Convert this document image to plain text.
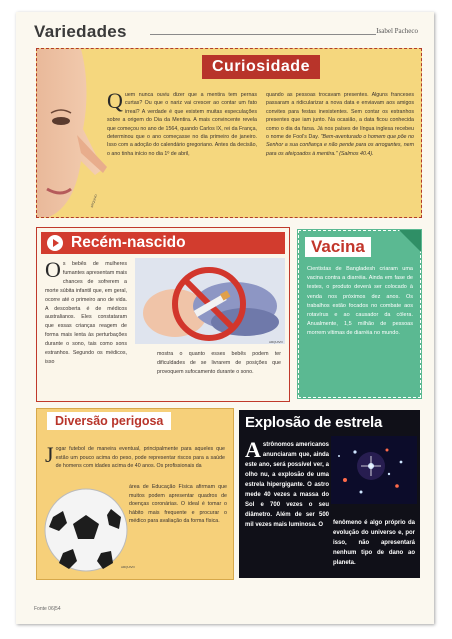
Variedades	Isabel Pacheco
Curiosidade
Quem nunca ouviu dizer que a mentira tem pernas curtas? Ou que o nariz vai crescer ao contar um fato irreal? A verdade é que existem muitas especulações sobre a origem do Dia da Mentira. A mais convincente revela que começou no ano de 1564, quando Carlos IX, rei da França, determinou que o ano começasse no dia primeiro de janeiro. Isso com a adoção do calendário gregoriano. Antes da decisão, o ano tinha início no dia 1º de abril,
quando as pessoas trocavam presentes. Alguns franceses passaram a ridicularizar a nova data e enviavam aos amigos convites para festas inexistentes. Sem contar os estranhos presentes que iam junto. Na ocasião, a data ficou conhecida como o dia da farsa. Já nos países de língua inglesa recebeu o nome de Fool's Day. "Bem-aventurado o homem que põe no Senhor a sua confiança e não pende para os arrogantes, nem para os afeiçoados à mentira." (Salmos 40.4).
ARQUIVO
Recém-nascido
Os bebês de mulheres fumantes apresentam mais chances de sofrerem a morte súbita infantil que, em geral, ocorre até o primeiro ano de vida. A descoberta é de médicos australianos. Eles constataram que essas crianças reagem de forma mais lenta às perturbações durante o sono, tais como sons estranhos. Segundo os médicos, isso
ARQUIVO
mostra o quanto esses bebês podem ter dificuldades de se livrarem de posições que provoquem sufocamento durante o sono.
Vacina
Cientistas de Bangladesh criaram uma vacina contra a diarréia. Ainda em fase de testes, o produto deverá ser colocado à venda nos próximos dez anos. Os trabalhos estão focados no combate aos rotavírus e ao causador da cólera. Anualmente, 1,5 milhão de pessoas morrem vítimas de diarréia no mundo.
Diversão perigosa
Jogar futebol de maneira eventual, principalmente para aqueles que estão um pouco acima do peso, pode representar riscos para a saúde de homens com idades acima de 40 anos. Os profissionais da
área de Educação Física afirmam que muitos podem apresentar quadros de doenças coronárias. O ideal é tomar o hábito mais frequente e procurar o médico para avaliação da forma física.
ARQUIVO
Explosão de estrela
Astrônomos americanos anunciaram que, ainda este ano, será possível ver, a olho nu, a explosão de uma estrela hipergigante. O astro mede 40 vezes a massa do Sol e 700 vezes o seu diâmetro. Além de ser 500 mil vezes mais luminosa. O	fenômeno é algo próprio da evolução do universo e, por isso, não apresentará nenhum tipo de dano ao planeta.
Fonte 06|54
